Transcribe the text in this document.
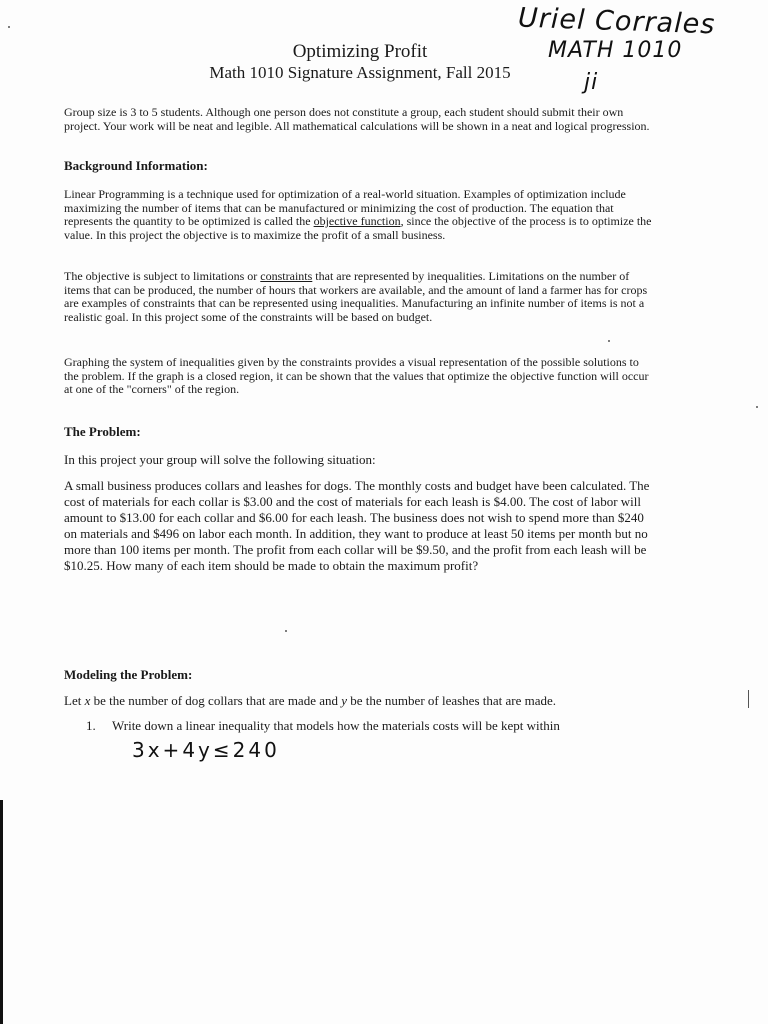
Uriel Corrales
MATH 1010
ji
Optimizing Profit
Math 1010 Signature Assignment, Fall 2015
Group size is 3 to 5 students. Although one person does not constitute a group, each student should submit their own project. Your work will be neat and legible. All mathematical calculations will be shown in a neat and logical progression.
Background Information:
Linear Programming is a technique used for optimization of a real-world situation. Examples of optimization include maximizing the number of items that can be manufactured or minimizing the cost of production. The equation that represents the quantity to be optimized is called the objective function, since the objective of the process is to optimize the value. In this project the objective is to maximize the profit of a small business.
The objective is subject to limitations or constraints that are represented by inequalities. Limitations on the number of items that can be produced, the number of hours that workers are available, and the amount of land a farmer has for crops are examples of constraints that can be represented using inequalities. Manufacturing an infinite number of items is not a realistic goal. In this project some of the constraints will be based on budget.
Graphing the system of inequalities given by the constraints provides a visual representation of the possible solutions to the problem. If the graph is a closed region, it can be shown that the values that optimize the objective function will occur at one of the "corners" of the region.
The Problem:
In this project your group will solve the following situation:
A small business produces collars and leashes for dogs. The monthly costs and budget have been calculated. The cost of materials for each collar is $3.00 and the cost of materials for each leash is $4.00. The cost of labor will amount to $13.00 for each collar and $6.00 for each leash. The business does not wish to spend more than $240 on materials and $496 on labor each month. In addition, they want to produce at least 50 items per month but no more than 100 items per month. The profit from each collar will be $9.50, and the profit from each leash will be $10.25. How many of each item should be made to obtain the maximum profit?
Modeling the Problem:
Let x be the number of dog collars that are made and y be the number of leashes that are made.
1. Write down a linear inequality that models how the materials costs will be kept within
3x+4y≤240
